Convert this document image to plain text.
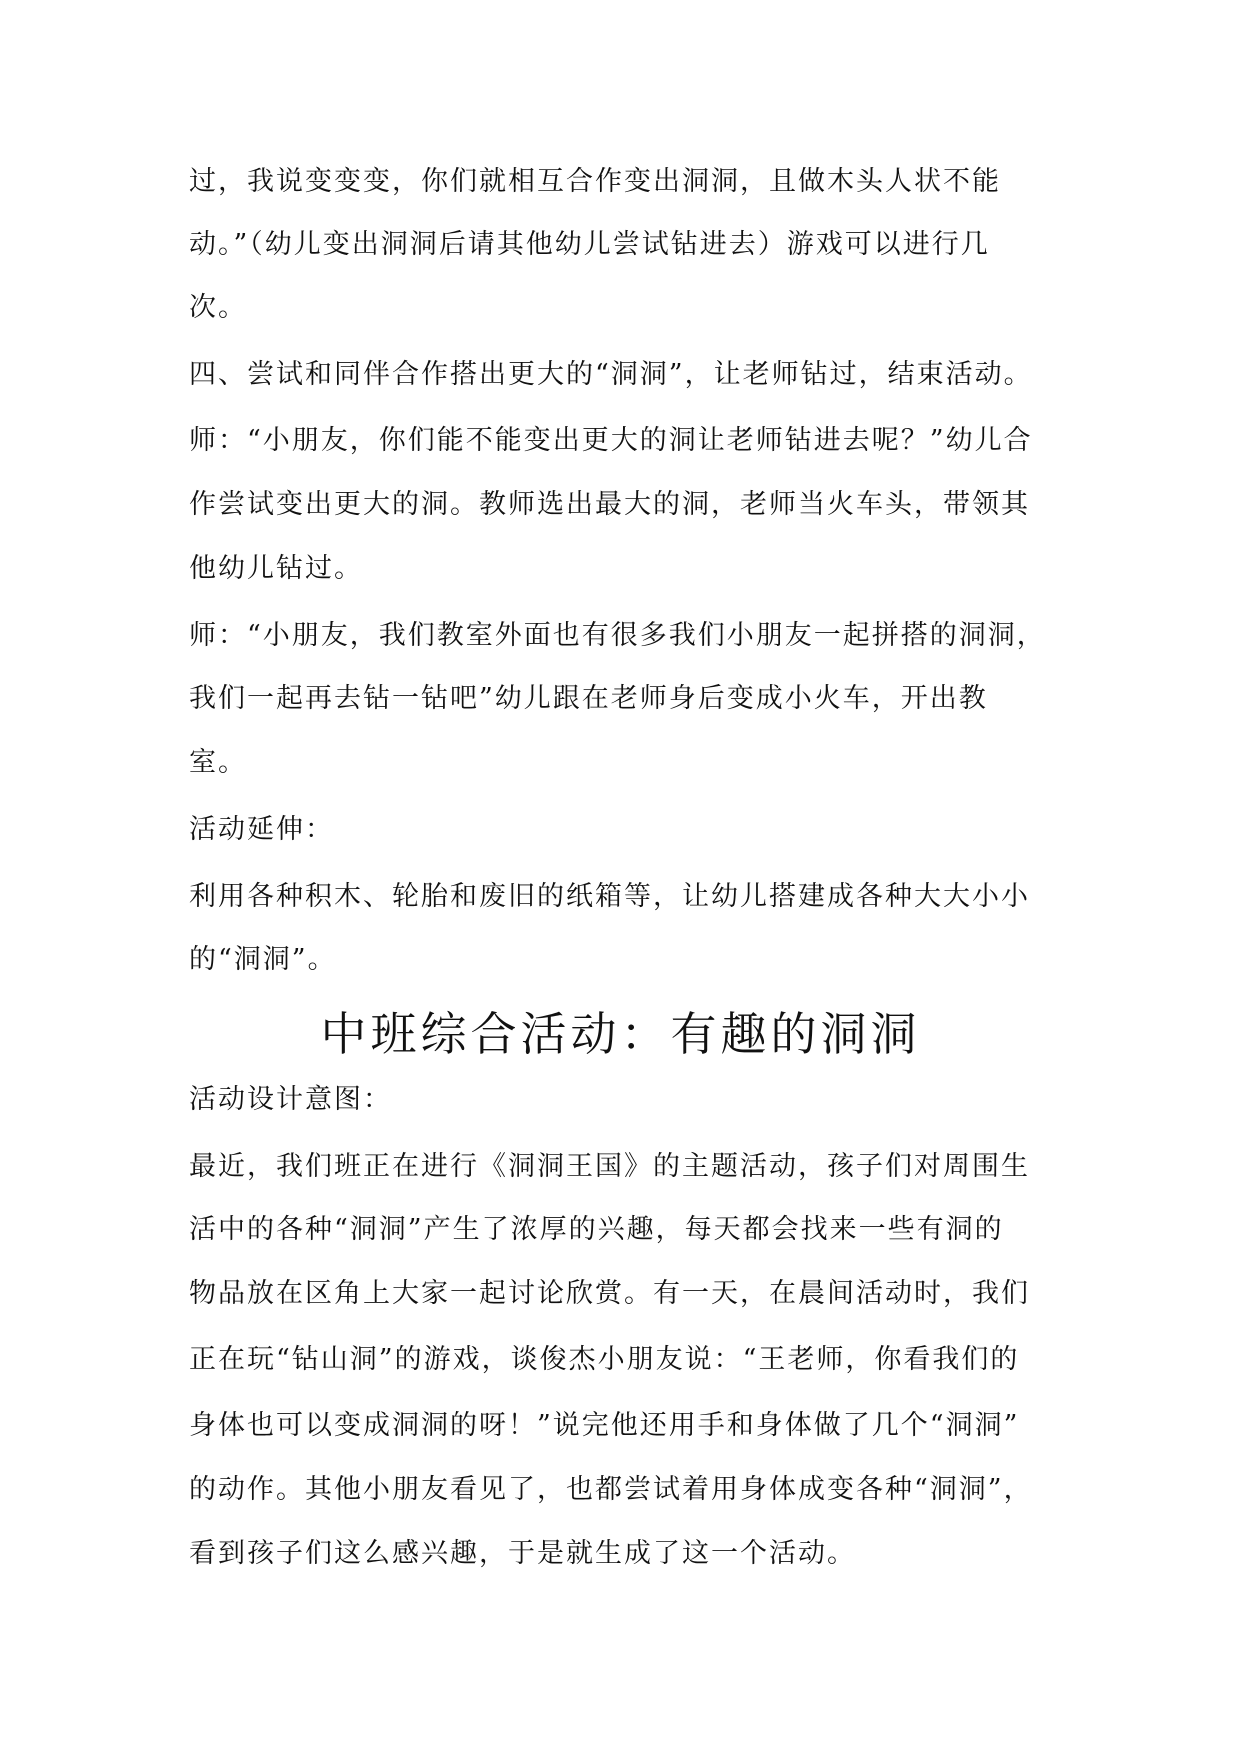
过，我说变变变，你们就相互合作变出洞洞，且做木头人状不能
动。”（幼儿变出洞洞后请其他幼儿尝试钻进去）游戏可以进行几
次。
四、尝试和同伴合作搭出更大的“洞洞”，让老师钻过，结束活动。
师：“小朋友，你们能不能变出更大的洞让老师钻进去呢？”幼儿合
作尝试变出更大的洞。教师选出最大的洞，老师当火车头，带领其
他幼儿钻过。
师：“小朋友，我们教室外面也有很多我们小朋友一起拼搭的洞洞，
我们一起再去钻一钻吧”幼儿跟在老师身后变成小火车，开出教
室。
活动延伸：
利用各种积木、轮胎和废旧的纸箱等，让幼儿搭建成各种大大小小
的“洞洞”。
中班综合活动：有趣的洞洞
活动设计意图：
最近，我们班正在进行《洞洞王国》的主题活动，孩子们对周围生
活中的各种“洞洞”产生了浓厚的兴趣，每天都会找来一些有洞的
物品放在区角上大家一起讨论欣赏。有一天，在晨间活动时，我们
正在玩“钻山洞”的游戏，谈俊杰小朋友说：“王老师，你看我们的
身体也可以变成洞洞的呀！”说完他还用手和身体做了几个“洞洞”
的动作。其他小朋友看见了，也都尝试着用身体成变各种“洞洞”，
看到孩子们这么感兴趣，于是就生成了这一个活动。
